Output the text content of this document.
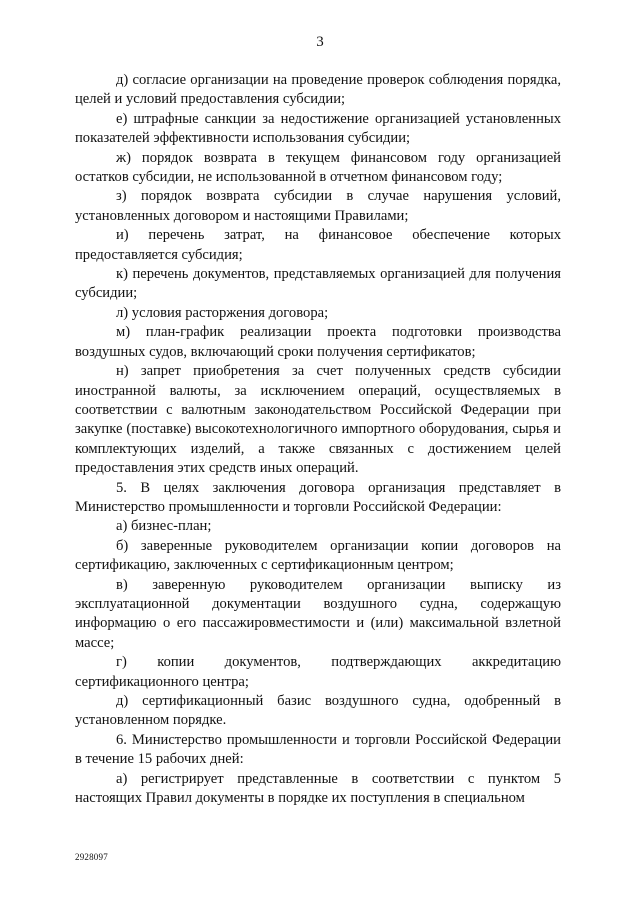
3

д) согласие организации на проведение проверок соблюдения порядка, целей и условий предоставления субсидии;

е) штрафные санкции за недостижение организацией установленных показателей эффективности использования субсидии;

ж) порядок возврата в текущем финансовом году организацией остатков субсидии, не использованной в отчетном финансовом году;

з) порядок возврата субсидии в случае нарушения условий, установленных договором и настоящими Правилами;

и) перечень затрат, на финансовое обеспечение которых предоставляется субсидия;

к) перечень документов, представляемых организацией для получения субсидии;

л) условия расторжения договора;

м) план-график реализации проекта подготовки производства воздушных судов, включающий сроки получения сертификатов;

н) запрет приобретения за счет полученных средств субсидии иностранной валюты, за исключением операций, осуществляемых в соответствии с валютным законодательством Российской Федерации при закупке (поставке) высокотехнологичного импортного оборудования, сырья и комплектующих изделий, а также связанных с достижением целей предоставления этих средств иных операций.

5. В целях заключения договора организация представляет в Министерство промышленности и торговли Российской Федерации:

а) бизнес-план;

б) заверенные руководителем организации копии договоров на сертификацию, заключенных с сертификационным центром;

в) заверенную руководителем организации выписку из эксплуатационной документации воздушного судна, содержащую информацию о его пассажировместимости и (или) максимальной взлетной массе;

г) копии документов, подтверждающих аккредитацию сертификационного центра;

д) сертификационный базис воздушного судна, одобренный в установленном порядке.

6. Министерство промышленности и торговли Российской Федерации в течение 15 рабочих дней:

а) регистрирует представленные в соответствии с пунктом 5 настоящих Правил документы в порядке их поступления в специальном

2928097
